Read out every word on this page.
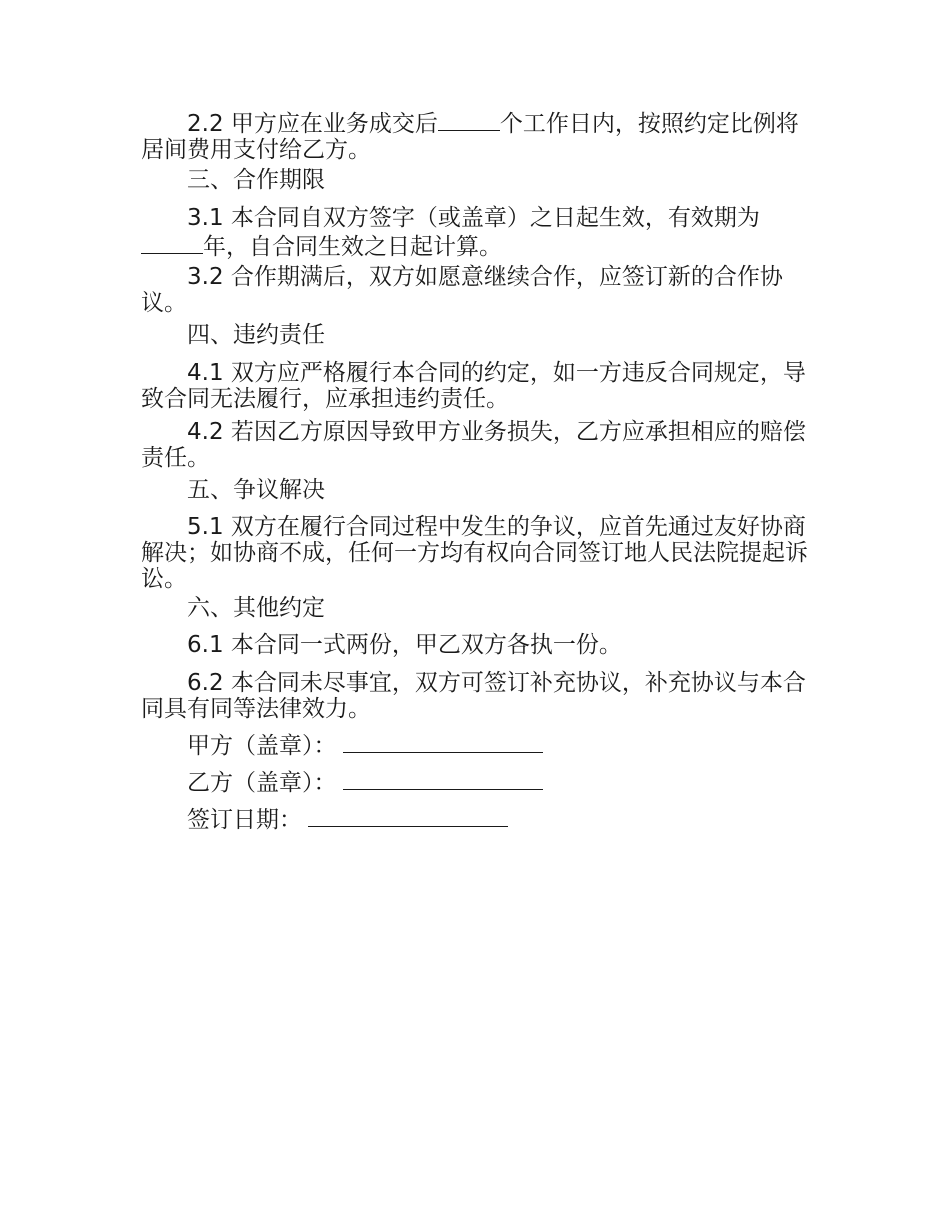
2.2 甲方应在业务成交后	个工作日内，按照约定比例将居间费用支付给乙方。

三、合作期限

3.1 本合同自双方签字（或盖章）之日起生效，有效期为年，自合同生效之日起计算。

3.2 合作期满后，双方如愿意继续合作，应签订新的合作协议。

四、违约责任

4.1 双方应严格履行本合同的约定，如一方违反合同规定，导致合同无法履行，应承担违约责任。

4.2 若因乙方原因导致甲方业务损失，乙方应承担相应的赔偿责任。

五、争议解决

5.1 双方在履行合同过程中发生的争议，应首先通过友好协商解决；如协商不成，任何一方均有权向合同签订地人民法院提起诉讼。

六、其他约定

6.1 本合同一式两份，甲乙双方各执一份。

6.2 本合同未尽事宜，双方可签订补充协议，补充协议与本合同具有同等法律效力。

甲方（盖章）：

乙方（盖章）：

签订日期：
